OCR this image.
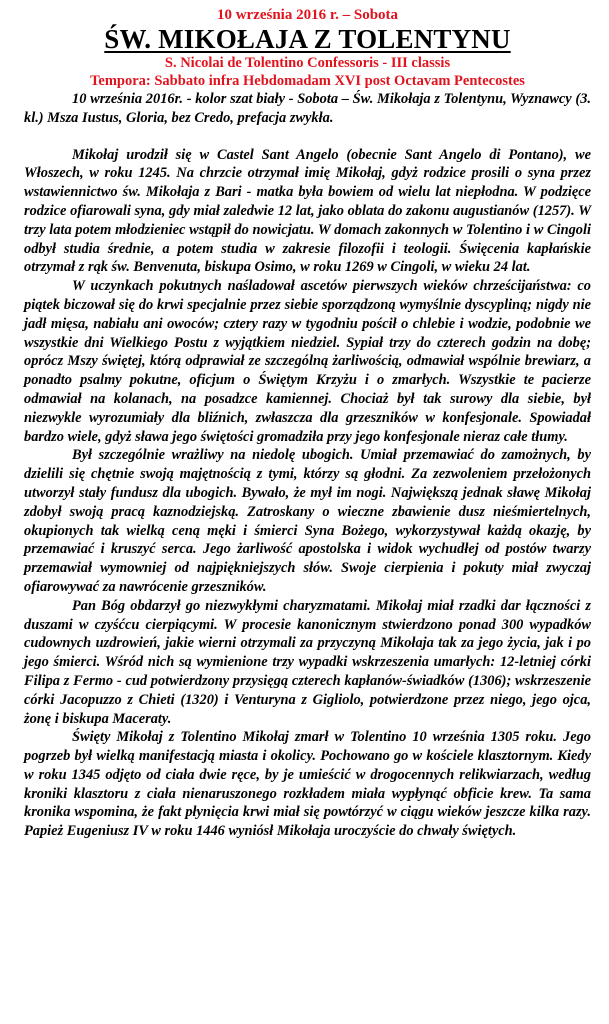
10 września 2016 r. – Sobota

ŚW. MIKOŁAJA Z TOLENTYNU

S. Nicolai de Tolentino Confessoris - III classis

Tempora: Sabbato infra Hebdomadam XVI post Octavam Pentecostes

10 września 2016r. - kolor szat biały - Sobota – Św. Mikołaja z Tolentynu, Wyznawcy (3. kl.) Msza Iustus, Gloria, bez Credo, prefacja zwykła.

Mikołaj urodził się w Castel Sant Angelo (obecnie Sant Angelo di Pontano), we Włoszech, w roku 1245. Na chrzcie otrzymał imię Mikołaj, gdyż rodzice prosili o syna przez wstawiennictwo św. Mikołaja z Bari - matka była bowiem od wielu lat niepłodna. W podzięce rodzice ofiarowali syna, gdy miał zaledwie 12 lat, jako oblata do zakonu augustianów (1257). W trzy lata potem młodzieniec wstąpił do nowicjatu. W domach zakonnych w Tolentino i w Cingoli odbył studia średnie, a potem studia w zakresie filozofii i teologii. Święcenia kapłańskie otrzymał z rąk św. Benvenuta, biskupa Osimo, w roku 1269 w Cingoli, w wieku 24 lat.

W uczynkach pokutnych naśladował ascetów pierwszych wieków chrześcijaństwa: co piątek biczował się do krwi specjalnie przez siebie sporządzoną wymyślnie dyscypliną; nigdy nie jadł mięsa, nabiału ani owoców; cztery razy w tygodniu pościł o chlebie i wodzie, podobnie we wszystkie dni Wielkiego Postu z wyjątkiem niedziel. Sypiał trzy do czterech godzin na dobę; oprócz Mszy świętej, którą odprawiał ze szczególną żarliwością, odmawiał wspólnie brewiarz, a ponadto psalmy pokutne, oficjum o Świętym Krzyżu i o zmarłych. Wszystkie te pacierze odmawiał na kolanach, na posadzce kamiennej. Chociaż był tak surowy dla siebie, był niezwykle wyrozumiały dla bliźnich, zwłaszcza dla grzeszników w konfesjonale. Spowiadał bardzo wiele, gdyż sława jego świętości gromadziła przy jego konfesjonale nieraz całe tłumy.

Był szczególnie wrażliwy na niedolę ubogich. Umiał przemawiać do zamożnych, by dzielili się chętnie swoją majętnością z tymi, którzy są głodni. Za zezwoleniem przełożonych utworzył stały fundusz dla ubogich. Bywało, że mył im nogi. Największą jednak sławę Mikołaj zdobył swoją pracą kaznodziejską. Zatroskany o wieczne zbawienie dusz nieśmiertelnych, okupionych tak wielką ceną męki i śmierci Syna Bożego, wykorzystywał każdą okazję, by przemawiać i kruszyć serca. Jego żarliwość apostolska i widok wychudłej od postów twarzy przemawiał wymowniej od najpiękniejszych słów. Swoje cierpienia i pokuty miał zwyczaj ofiarowywać za nawrócenie grzeszników.

Pan Bóg obdarzył go niezwykłymi charyzmatami. Mikołaj miał rzadki dar łączności z duszami w czyśćcu cierpiącymi. W procesie kanonicznym stwierdzono ponad 300 wypadków cudownych uzdrowień, jakie wierni otrzymali za przyczyną Mikołaja tak za jego życia, jak i po jego śmierci. Wśród nich są wymienione trzy wypadki wskrzeszenia umarłych: 12-letniej córki Filipa z Fermo - cud potwierdzony przysięgą czterech kapłanów-świadków (1306); wskrzeszenie córki Jacopuzzo z Chieti (1320) i Venturyna z Gigliolo, potwierdzone przez niego, jego ojca, żonę i biskupa Maceraty.

Święty Mikołaj z Tolentino Mikołaj zmarł w Tolentino 10 września 1305 roku. Jego pogrzeb był wielką manifestacją miasta i okolicy. Pochowano go w kościele klasztornym. Kiedy w roku 1345 odjęto od ciała dwie ręce, by je umieścić w drogocennych relikwiarzach, według kroniki klasztoru z ciała nienaruszonego rozkładem miała wypłynąć obficie krew. Ta sama kronika wspomina, że fakt płynięcia krwi miał się powtórzyć w ciągu wieków jeszcze kilka razy. Papież Eugeniusz IV w roku 1446 wyniósł Mikołaja uroczyście do chwały świętych.
